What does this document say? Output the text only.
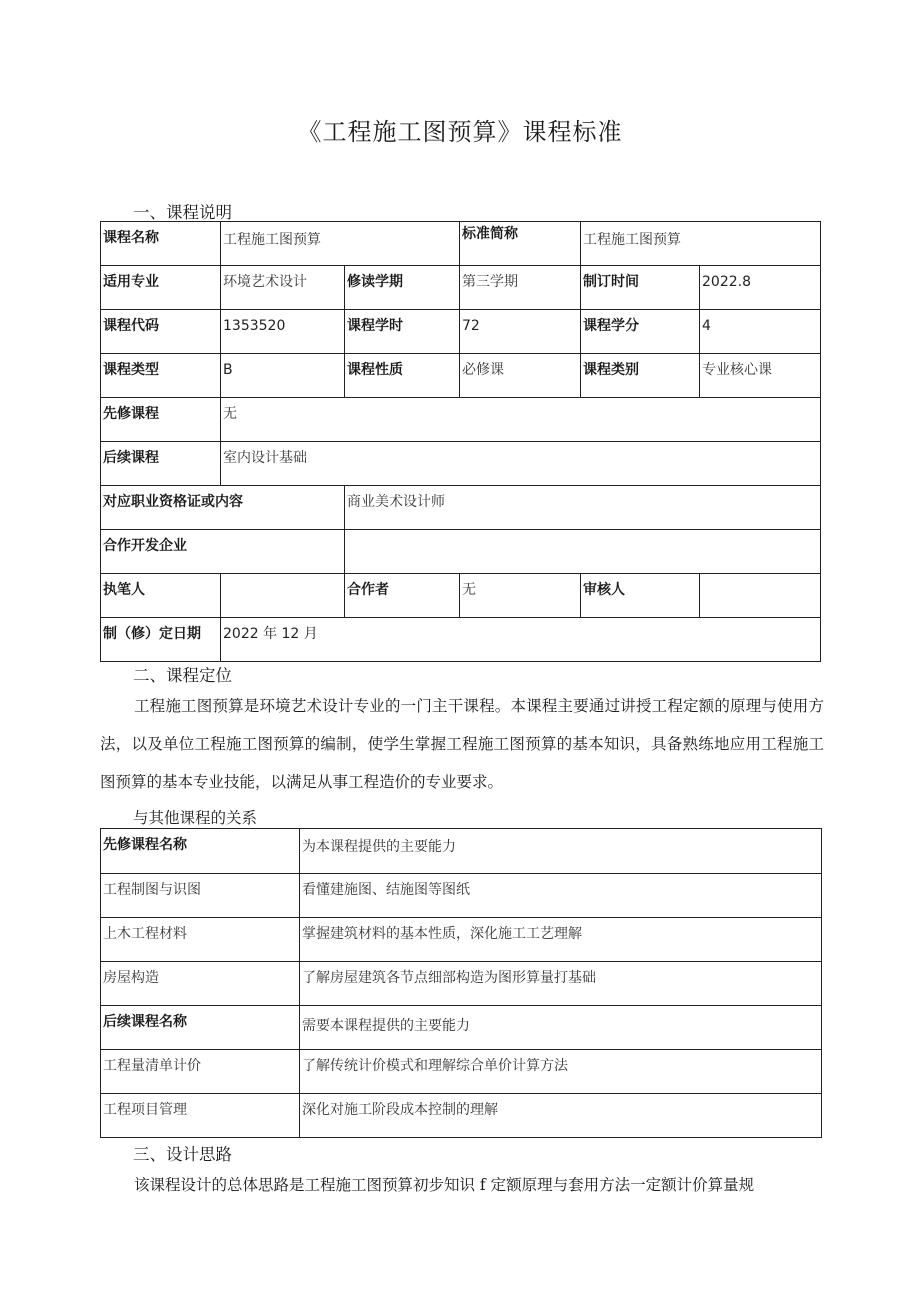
《工程施工图预算》课程标准
一、课程说明
课程名称	工程施工图预算		标准简称	工程施工图预算	
适用专业	环境艺术设计	修读学期	第三学期	制订时间	2022.8
课程代码	1353520	课程学时	72	课程学分	4
课程类型	B	课程性质	必修课	课程类别	专业核心课
先修课程	无				
后续课程	室内设计基础				
对应职业资格证或内容		商业美术设计师			
合作开发企业					
执笔人		合作者	无	审核人	
制（修）定日期	2022 年 12 月				
二、课程定位
工程施工图预算是环境艺术设计专业的一门主干课程。本课程主要通过讲授工程定额的原理与使用方法，以及单位工程施工图预算的编制，使学生掌握工程施工图预算的基本知识，具备熟练地应用工程施工图预算的基本专业技能，以满足从事工程造价的专业要求。
与其他课程的关系
先修课程名称	为本课程提供的主要能力
工程制图与识图	看懂建施图、结施图等图纸
上木工程材料	掌握建筑材料的基本性质，深化施工工艺理解
房屋构造	了解房屋建筑各节点细部构造为图形算量打基础
后续课程名称	需要本课程提供的主要能力
工程量清单计价	了解传统计价模式和理解综合单价计算方法
工程项目管理	深化对施工阶段成本控制的理解
三、设计思路
该课程设计的总体思路是工程施工图预算初步知识 f 定额原理与套用方法一定额计价算量规
